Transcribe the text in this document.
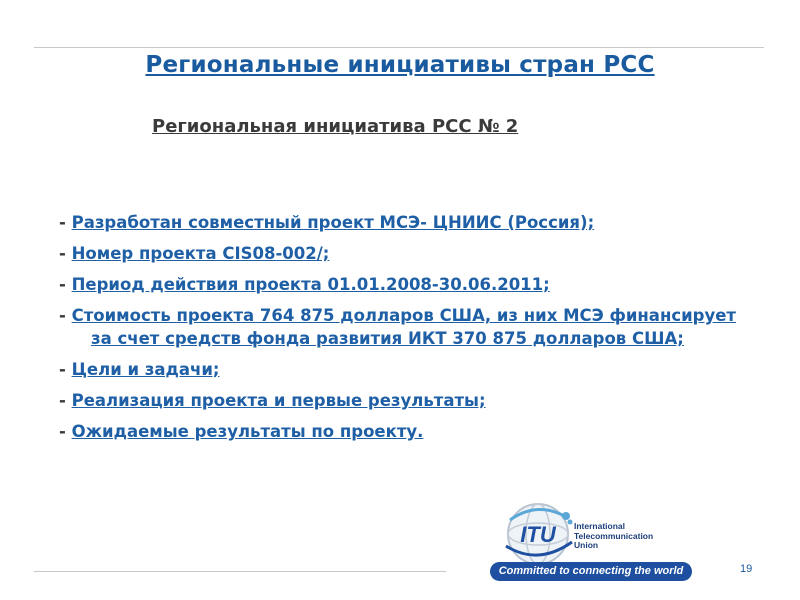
Региональные инициативы стран РСС
Региональная инициатива РСС № 2
- Разработан совместный проект МСЭ- ЦНИИС (Россия);
- Номер проекта CIS08-002/;
- Период действия проекта 01.01.2008-30.06.2011;
- Стоимость проекта 764 875 долларов США, из них МСЭ финансирует за счет средств фонда развития ИКТ 370 875 долларов США;
- Цели и задачи;
- Реализация проекта и первые результаты;
- Ожидаемые результаты по проекту.
ITU International
Telecommunication
Union
Committed to connecting the world	19
